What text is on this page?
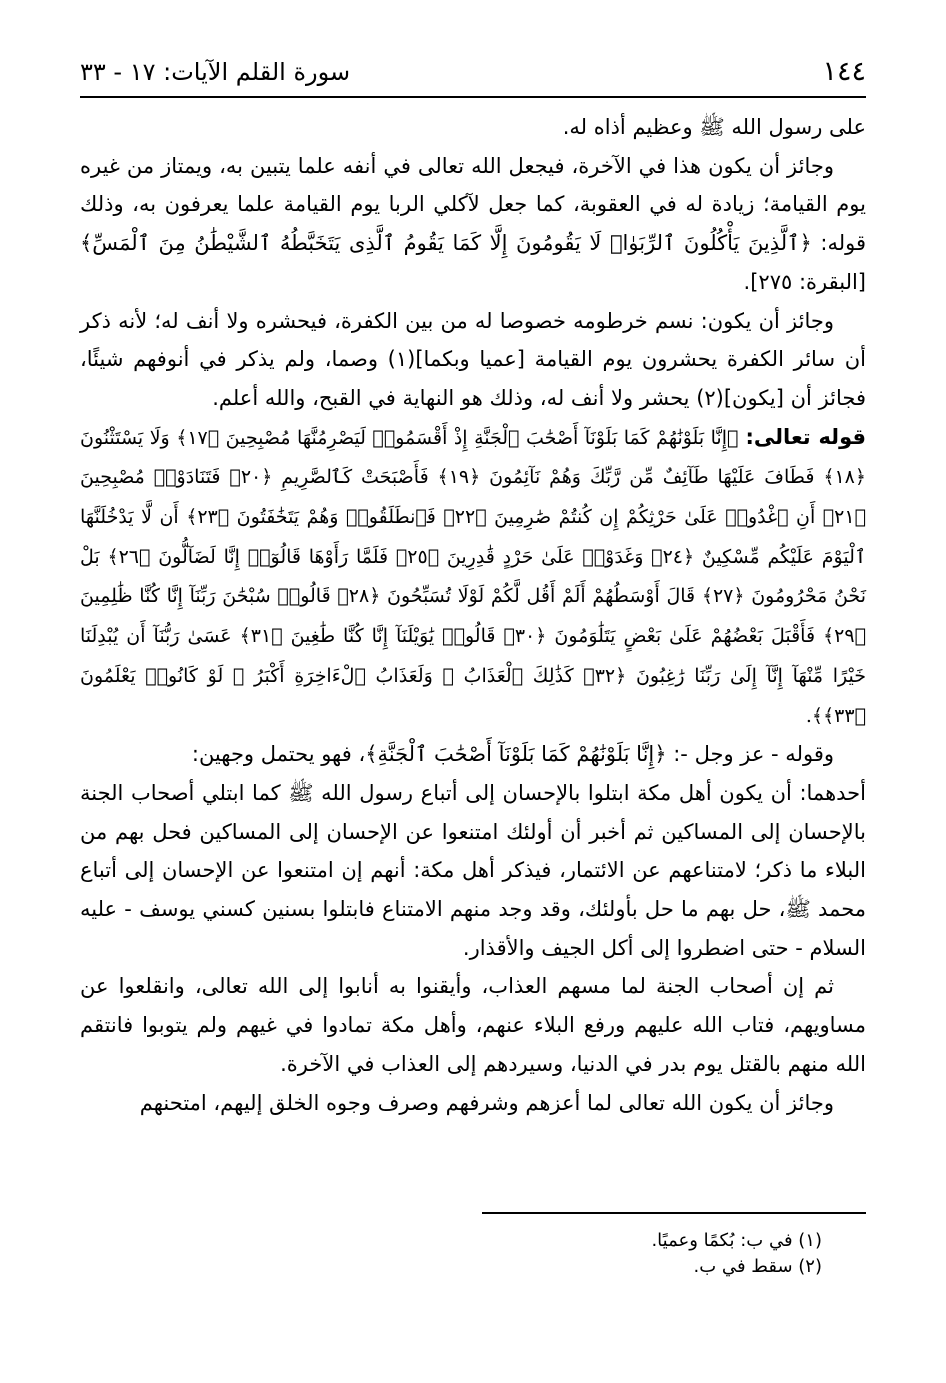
١٤٤
سورة القلم الآيات: ١٧ - ٣٣

على رسول الله ﷺ وعظيم أذاه له.

وجائز أن يكون هذا في الآخرة، فيجعل الله تعالى في أنفه علما يتبين به، ويمتاز من غيره يوم القيامة؛ زيادة له في العقوبة، كما جعل لآكلي الربا يوم القيامة علما يعرفون به، وذلك قوله: ﴿ٱلَّذِينَ يَأْكُلُونَ ٱلرِّبَوٰا۟ لَا يَقُومُونَ إِلَّا كَمَا يَقُومُ ٱلَّذِى يَتَخَبَّطُهُ ٱلشَّيْطَٰنُ مِنَ ٱلْمَسِّ﴾ [البقرة: ٢٧٥].

وجائز أن يكون: نسم خرطومه خصوصا له من بين الكفرة، فيحشره ولا أنف له؛ لأنه ذكر أن سائر الكفرة يحشرون يوم القيامة [عميا وبكما](١) وصما، ولم يذكر في أنوفهم شيئًا، فجائز أن [يكون](٢) يحشر ولا أنف له، وذلك هو النهاية في القبح، والله أعلم.

قوله تعالى: ﴿إِنَّا بَلَوْنَٰهُمْ كَمَا بَلَوْنَآ أَصْحَٰبَ ٱلْجَنَّةِ إِذْ أَقْسَمُوا۟ لَيَصْرِمُنَّهَا مُصْبِحِينَ ﴿١٧﴾ وَلَا يَسْتَثْنُونَ ﴿١٨﴾ فَطَافَ عَلَيْهَا طَآئِفٌ مِّن رَّبِّكَ وَهُمْ نَآئِمُونَ ﴿١٩﴾ فَأَصْبَحَتْ كَٱلصَّرِيمِ ﴿٢٠﴾ فَتَنَادَوْا۟ مُصْبِحِينَ ﴿٢١﴾ أَنِ ٱغْدُوا۟ عَلَىٰ حَرْثِكُمْ إِن كُنتُمْ صَٰرِمِينَ ﴿٢٢﴾ فَٱنطَلَقُوا۟ وَهُمْ يَتَخَٰفَتُونَ ﴿٢٣﴾ أَن لَّا يَدْخُلَنَّهَا ٱلْيَوْمَ عَلَيْكُم مِّسْكِينٌ ﴿٢٤﴾ وَغَدَوْا۟ عَلَىٰ حَرْدٍ قَٰدِرِينَ ﴿٢٥﴾ فَلَمَّا رَأَوْهَا قَالُوٓا۟ إِنَّا لَضَآلُّونَ ﴿٢٦﴾ بَلْ نَحْنُ مَحْرُومُونَ ﴿٢٧﴾ قَالَ أَوْسَطُهُمْ أَلَمْ أَقُل لَّكُمْ لَوْلَا تُسَبِّحُونَ ﴿٢٨﴾ قَالُوا۟ سُبْحَٰنَ رَبِّنَآ إِنَّا كُنَّا ظَٰلِمِينَ ﴿٢٩﴾ فَأَقْبَلَ بَعْضُهُمْ عَلَىٰ بَعْضٍ يَتَلَٰوَمُونَ ﴿٣٠﴾ قَالُوا۟ يَٰوَيْلَنَآ إِنَّا كُنَّا طَٰغِينَ ﴿٣١﴾ عَسَىٰ رَبُّنَآ أَن يُبْدِلَنَا خَيْرًا مِّنْهَآ إِنَّآ إِلَىٰ رَبِّنَا رَٰغِبُونَ ﴿٣٢﴾ كَذَٰلِكَ ٱلْعَذَابُ ۖ وَلَعَذَابُ ٱلْءَاخِرَةِ أَكْبَرُ ۚ لَوْ كَانُوا۟ يَعْلَمُونَ ﴿٣٣﴾﴾.

وقوله - عز وجل -: ﴿إِنَّا بَلَوْنَٰهُمْ كَمَا بَلَوْنَآ أَصْحَٰبَ ٱلْجَنَّةِ﴾، فهو يحتمل وجهين:

أحدهما: أن يكون أهل مكة ابتلوا بالإحسان إلى أتباع رسول الله ﷺ كما ابتلي أصحاب الجنة بالإحسان إلى المساكين ثم أخبر أن أولئك امتنعوا عن الإحسان إلى المساكين فحل بهم من البلاء ما ذكر؛ لامتناعهم عن الائتمار، فيذكر أهل مكة: أنهم إن امتنعوا عن الإحسان إلى أتباع محمد ﷺ، حل بهم ما حل بأولئك، وقد وجد منهم الامتناع فابتلوا بسنين كسني يوسف - عليه السلام - حتى اضطروا إلى أكل الجيف والأقذار.

ثم إن أصحاب الجنة لما مسهم العذاب، وأيقنوا به أنابوا إلى الله تعالى، وانقلعوا عن مساويهم، فتاب الله عليهم ورفع البلاء عنهم، وأهل مكة تمادوا في غيهم ولم يتوبوا فانتقم الله منهم بالقتل يوم بدر في الدنيا، وسيردهم إلى العذاب في الآخرة.

وجائز أن يكون الله تعالى لما أعزهم وشرفهم وصرف وجوه الخلق إليهم، امتحنهم

(١) في ب: بُكمًا وعميًا.
(٢) سقط في ب.
